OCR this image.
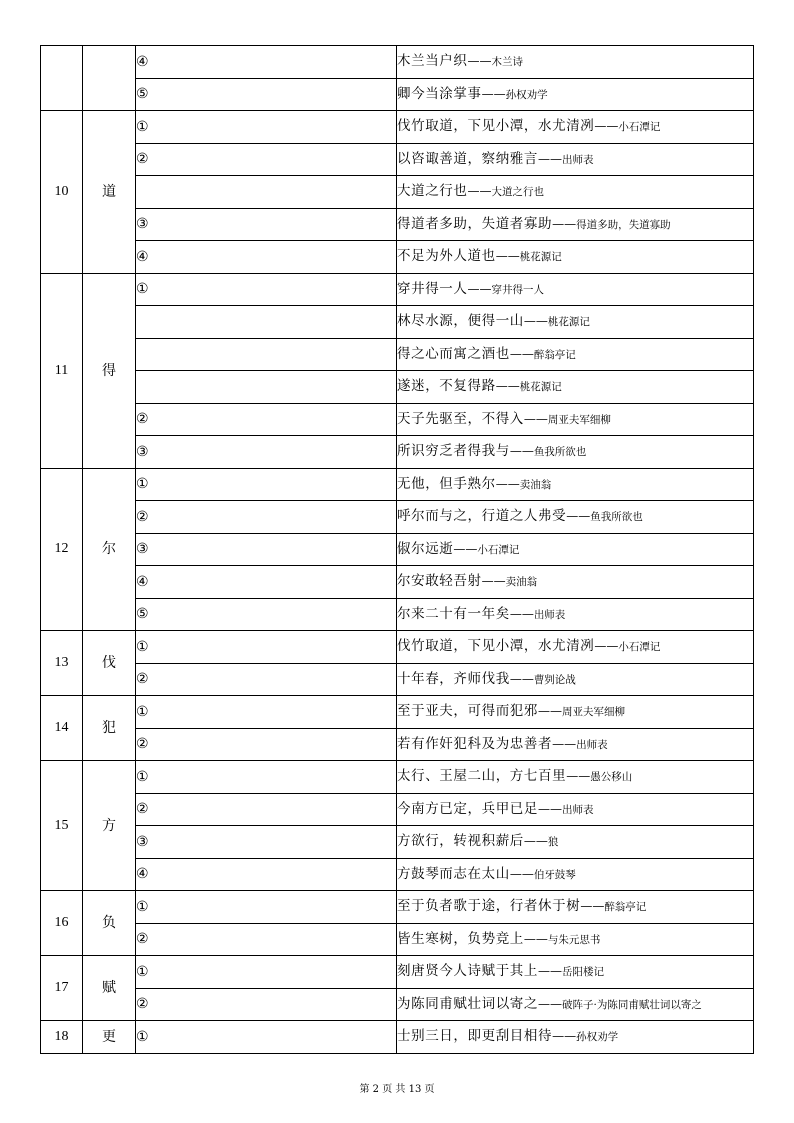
		④	木兰当户织——木兰诗
		⑤	卿今当涂掌事——孙权劝学
10	道	①	伐竹取道，下见小潭，水尤清冽——小石潭记
		②	以咨诹善道，察纳雅言——出师表
			大道之行也——大道之行也
		③	得道者多助，失道者寡助——得道多助，失道寡助
		④	不足为外人道也——桃花源记
11	得	①	穿井得一人——穿井得一人
			林尽水源，便得一山——桃花源记
			得之心而寓之酒也——醉翁亭记
			遂迷，不复得路——桃花源记
		②	天子先驱至，不得入——周亚夫军细柳
		③	所识穷乏者得我与——鱼我所欲也
12	尔	①	无他，但手熟尔——卖油翁
		②	呼尔而与之，行道之人弗受——鱼我所欲也
		③	俶尔远逝——小石潭记
		④	尔安敢轻吾射——卖油翁
		⑤	尔来二十有一年矣——出师表
13	伐	①	伐竹取道，下见小潭，水尤清冽——小石潭记
		②	十年春，齐师伐我——曹刿论战
14	犯	①	至于亚夫，可得而犯邪——周亚夫军细柳
		②	若有作奸犯科及为忠善者——出师表
15	方	①	太行、王屋二山，方七百里——愚公移山
		②	今南方已定，兵甲已足——出师表
		③	方欲行，转视积薪后——狼
		④	方鼓琴而志在太山——伯牙鼓琴
16	负	①	至于负者歌于途，行者休于树——醉翁亭记
		②	皆生寒树，负势竞上——与朱元思书
17	赋	①	刻唐贤今人诗赋于其上——岳阳楼记
		②	为陈同甫赋壮词以寄之——破阵子·为陈同甫赋壮词以寄之
18	更	①	士别三日，即更刮目相待——孙权劝学
第 2 页 共 13 页
